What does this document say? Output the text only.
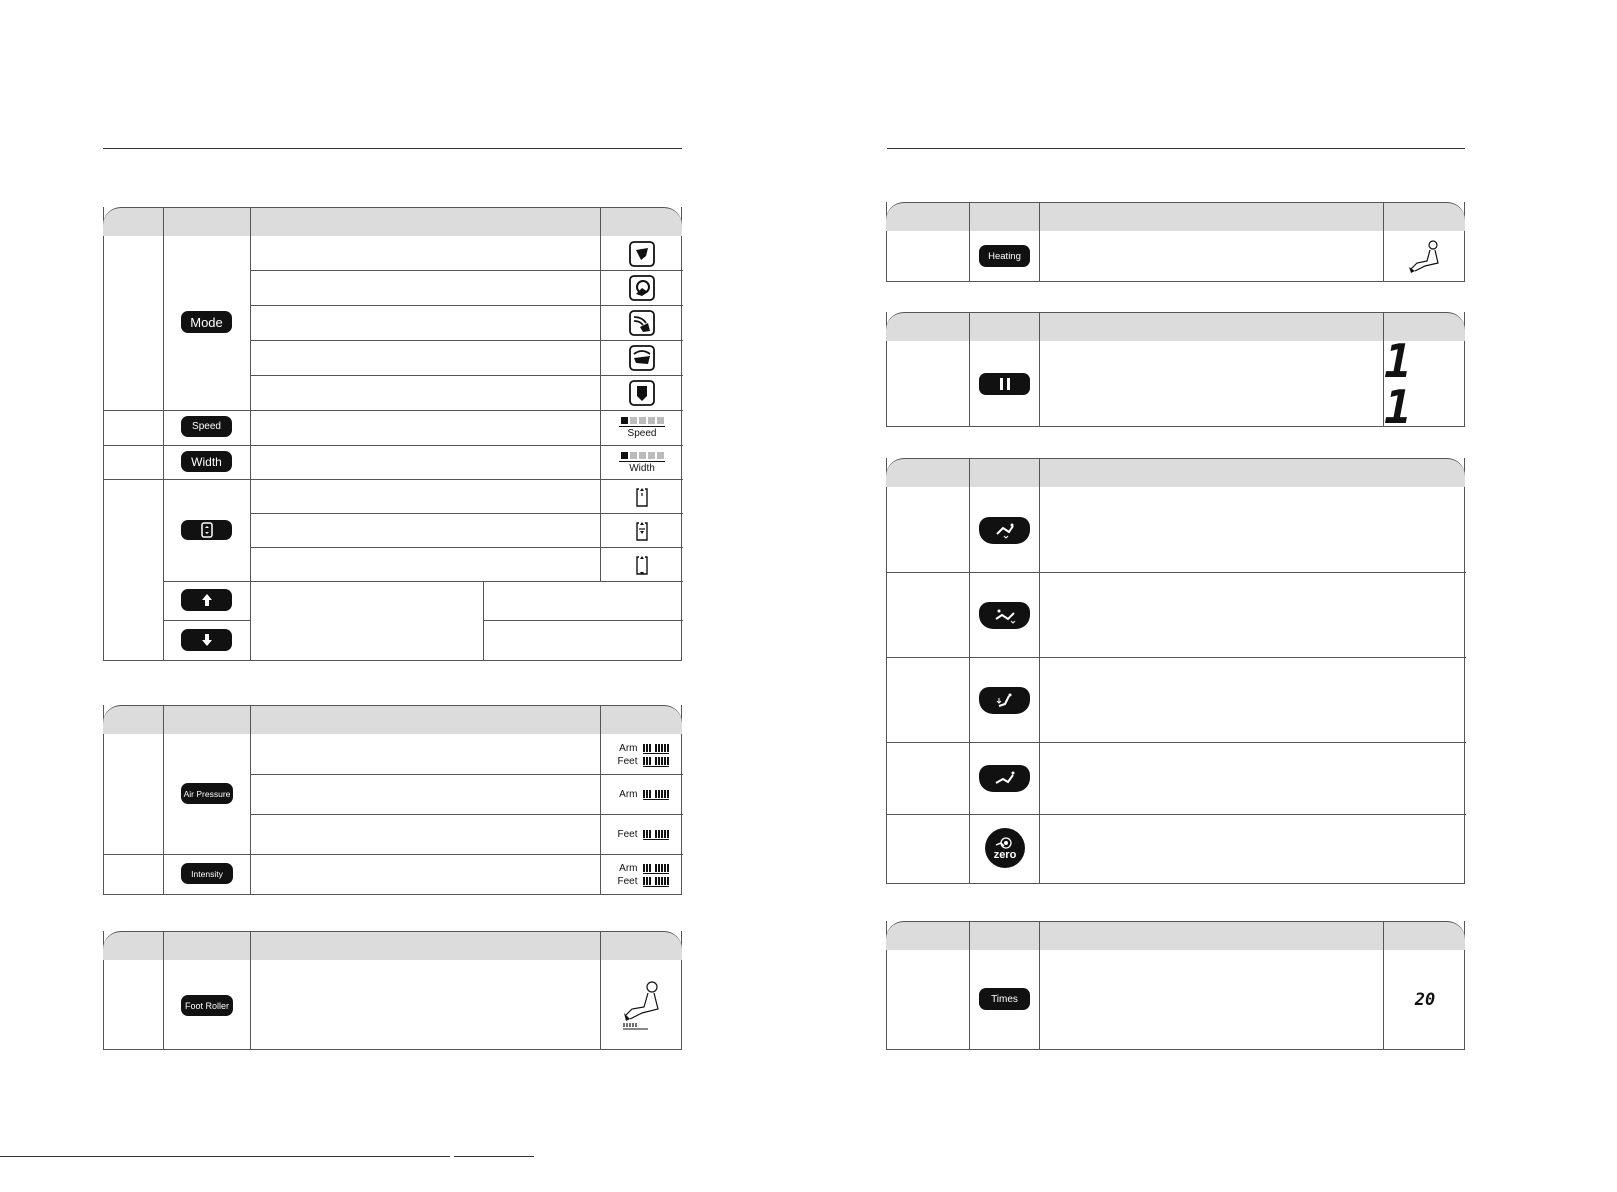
Mode
Speed
Width
Speed
Width
Air Pressure
Intensity
Arm
Feet
Arm
Feet
Arm
Feet
Foot Roller
Heating
1 1
zero
Times	20
